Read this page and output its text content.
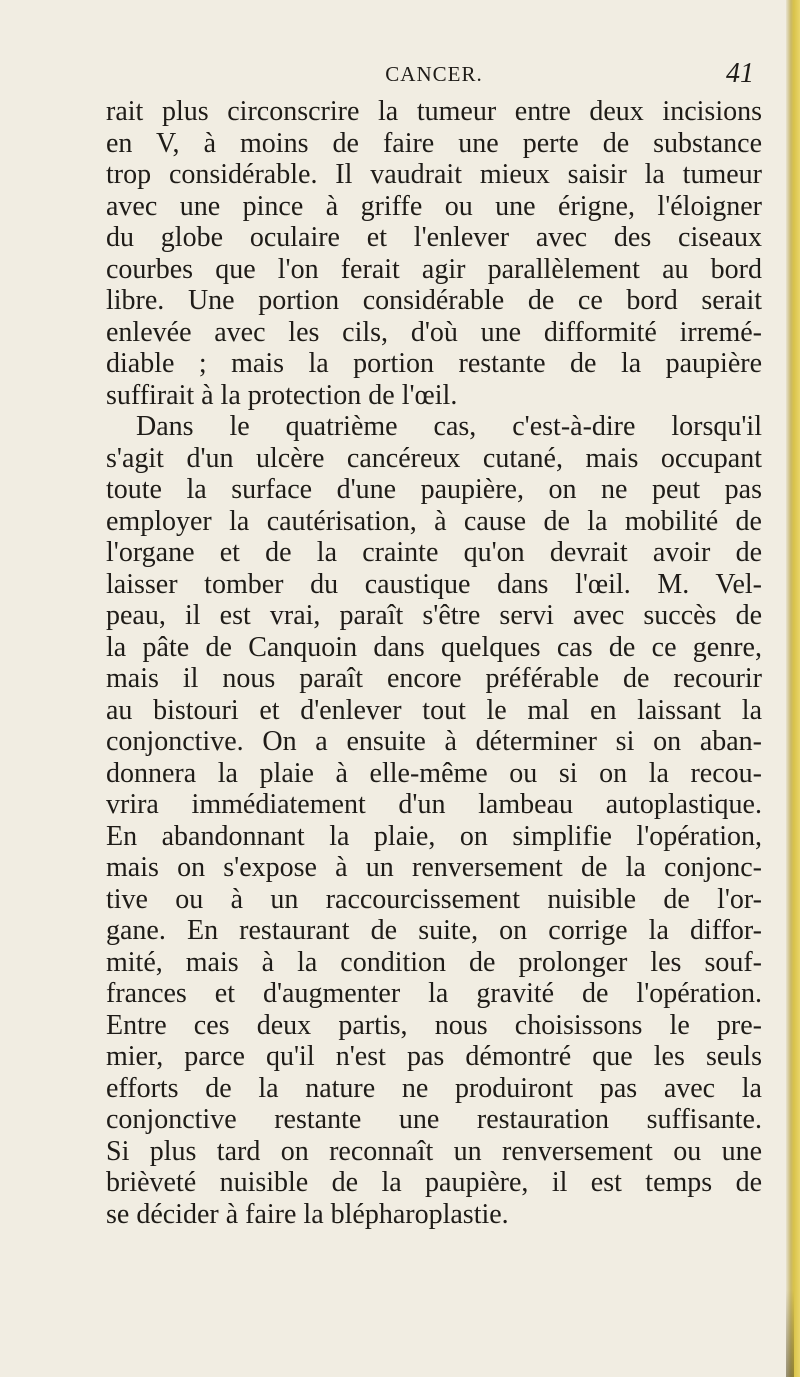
CANCER.	41
rait plus circonscrire la tumeur entre deux incisions
en V, à moins de faire une perte de substance
trop considérable. Il vaudrait mieux saisir la tumeur
avec une pince à griffe ou une érigne, l'éloigner
du globe oculaire et l'enlever avec des ciseaux
courbes que l'on ferait agir parallèlement au bord
libre. Une portion considérable de ce bord serait
enlevée avec les cils, d'où une difformité irremé-
diable ; mais la portion restante de la paupière
suffirait à la protection de l'œil.
Dans le quatrième cas, c'est-à-dire lorsqu'il
s'agit d'un ulcère cancéreux cutané, mais occupant
toute la surface d'une paupière, on ne peut pas
employer la cautérisation, à cause de la mobilité de
l'organe et de la crainte qu'on devrait avoir de
laisser tomber du caustique dans l'œil. M. Vel-
peau, il est vrai, paraît s'être servi avec succès de
la pâte de Canquoin dans quelques cas de ce genre,
mais il nous paraît encore préférable de recourir
au bistouri et d'enlever tout le mal en laissant la
conjonctive. On a ensuite à déterminer si on aban-
donnera la plaie à elle-même ou si on la recou-
vrira immédiatement d'un lambeau autoplastique.
En abandonnant la plaie, on simplifie l'opération,
mais on s'expose à un renversement de la conjonc-
tive ou à un raccourcissement nuisible de l'or-
gane. En restaurant de suite, on corrige la diffor-
mité, mais à la condition de prolonger les souf-
frances et d'augmenter la gravité de l'opération.
Entre ces deux partis, nous choisissons le pre-
mier, parce qu'il n'est pas démontré que les seuls
efforts de la nature ne produiront pas avec la
conjonctive restante une restauration suffisante.
Si plus tard on reconnaît un renversement ou une
brièveté nuisible de la paupière, il est temps de
se décider à faire la blépharoplastie.
